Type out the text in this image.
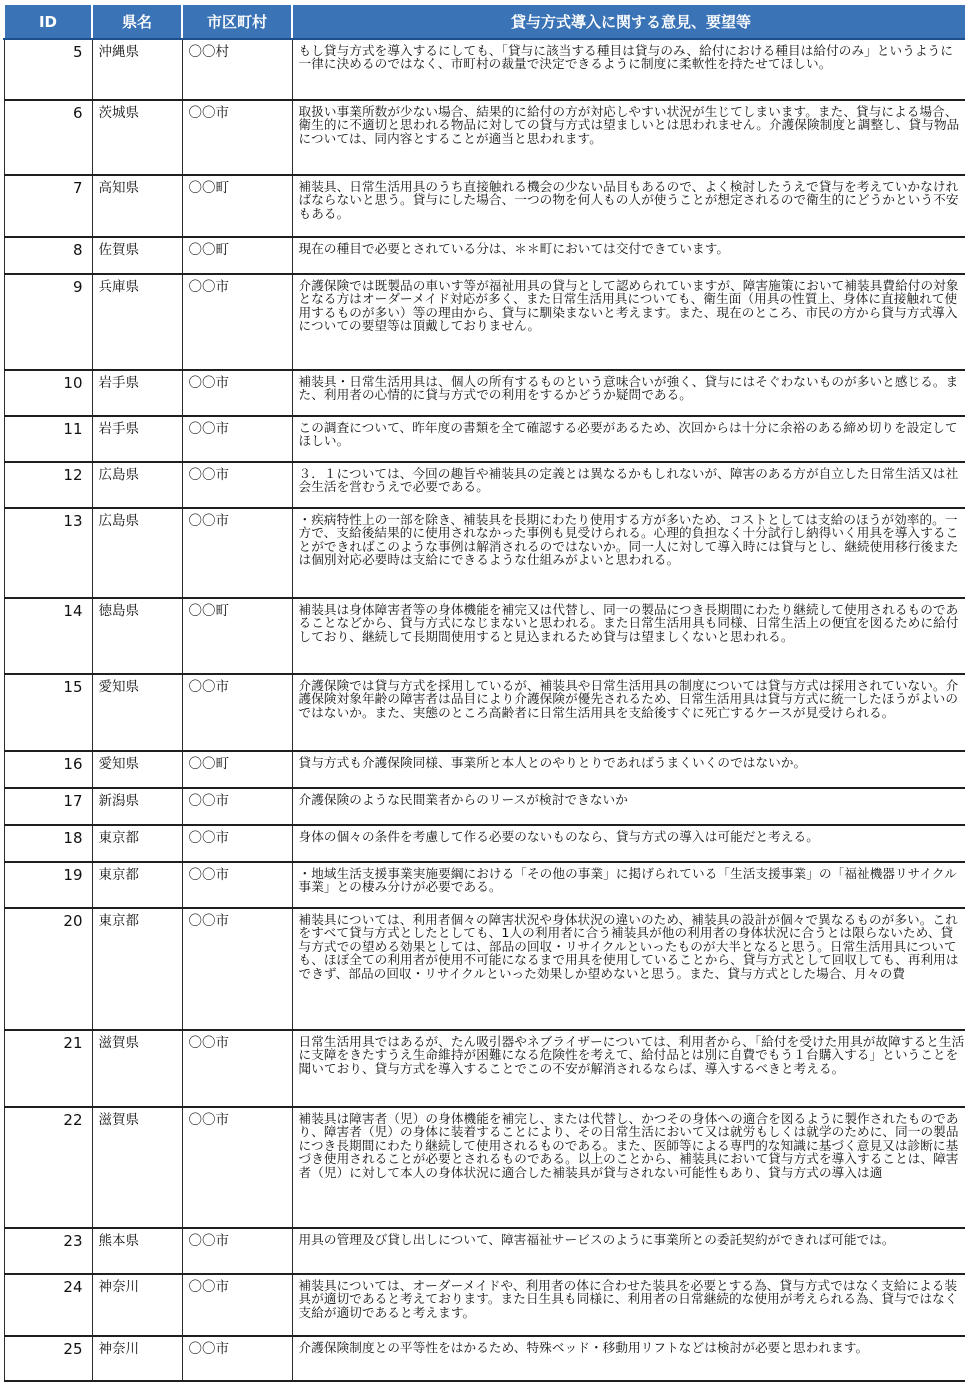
ID	県名	市区町村	貸与方式導入に関する意見、要望等
5	沖縄県	〇〇村	もし貸与方式を導入するにしても、「貸与に該当する種目は貸与のみ、給付における種目は給付のみ」というように一律に決めるのではなく、市町村の裁量で決定できるように制度に柔軟性を持たせてほしい。
6	茨城県	〇〇市	取扱い事業所数が少ない場合、結果的に給付の方が対応しやすい状況が生じてしまいます。また、貸与による場合、衛生的に不適切と思われる物品に対しての貸与方式は望ましいとは思われません。介護保険制度と調整し、貸与物品については、同内容とすることが適当と思われます。
7	高知県	〇〇町	補装具、日常生活用具のうち直接触れる機会の少ない品目もあるので、よく検討したうえで貸与を考えていかなければならないと思う。貸与にした場合、一つの物を何人もの人が使うことが想定されるので衛生的にどうかという不安もある。
8	佐賀県	〇〇町	現在の種目で必要とされている分は、＊＊町においては交付できています。
9	兵庫県	〇〇市	介護保険では既製品の車いす等が福祉用具の貸与として認められていますが、障害施策において補装具費給付の対象となる方はオーダーメイド対応が多く、また日常生活用具についても、衛生面（用具の性質上、身体に直接触れて使用するものが多い）等の理由から、貸与に馴染まないと考えます。また、現在のところ、市民の方から貸与方式導入についての要望等は頂戴しておりません。
10	岩手県	〇〇市	補装具・日常生活用具は、個人の所有するものという意味合いが強く、貸与にはそぐわないものが多いと感じる。また、利用者の心情的に貸与方式での利用をするかどうか疑問である。
11	岩手県	〇〇市	この調査について、昨年度の書類を全て確認する必要があるため、次回からは十分に余裕のある締め切りを設定してほしい。
12	広島県	〇〇市	３．１については、今回の趣旨や補装具の定義とは異なるかもしれないが、障害のある方が自立した日常生活又は社会生活を営むうえで必要である。
13	広島県	〇〇市	・疾病特性上の一部を除き、補装具を長期にわたり使用する方が多いため、コストとしては支給のほうが効率的。一方で、支給後結果的に使用されなかった事例も見受けられる。心理的負担なく十分試行し納得いく用具を導入することができればこのような事例は解消されるのではないか。同一人に対して導入時には貸与とし、継続使用移行後または個別対応必要時は支給にできるような仕組みがよいと思われる。
14	徳島県	〇〇町	補装具は身体障害者等の身体機能を補完又は代替し、同一の製品につき長期間にわたり継続して使用されるものであることなどから、貸与方式になじまないと思われる。また日常生活用具も同様、日常生活上の便宜を図るために給付しており、継続して長期間使用すると見込まれるため貸与は望ましくないと思われる。
15	愛知県	〇〇市	介護保険では貸与方式を採用しているが、補装具や日常生活用具の制度については貸与方式は採用されていない。介護保険対象年齢の障害者は品目により介護保険が優先されるため、日常生活用具は貸与方式に統一したほうがよいのではないか。また、実態のところ高齢者に日常生活用具を支給後すぐに死亡するケースが見受けられる。
16	愛知県	〇〇町	貸与方式も介護保険同様、事業所と本人とのやりとりであればうまくいくのではないか。
17	新潟県	〇〇市	介護保険のような民間業者からのリースが検討できないか
18	東京都	〇〇市	身体の個々の条件を考慮して作る必要のないものなら、貸与方式の導入は可能だと考える。
19	東京都	〇〇市	・地域生活支援事業実施要綱における「その他の事業」に掲げられている「生活支援事業」の「福祉機器リサイクル事業」との棲み分けが必要である。
20	東京都	〇〇市	補装具については、利用者個々の障害状況や身体状況の違いのため、補装具の設計が個々で異なるものが多い。これをすべて貸与方式としたとしても、1人の利用者に合う補装具が他の利用者の身体状況に合うとは限らないため、貸与方式での望める効果としては、部品の回収・リサイクルといったものが大半となると思う。日常生活用具についても、ほぼ全ての利用者が使用不可能になるまで用具を使用していることから、貸与方式として回収しても、再利用はできず、部品の回収・リサイクルといった効果しか望めないと思う。また、貸与方式とした場合、月々の費
21	滋賀県	〇〇市	日常生活用具ではあるが、たん吸引器やネブライザーについては、利用者から、「給付を受けた用具が故障すると生活に支障をきたすうえ生命維持が困難になる危険性を考えて、給付品とは別に自費でもう１台購入する」ということを聞いており、貸与方式を導入することでこの不安が解消されるならば、導入するべきと考える。
22	滋賀県	〇〇市	補装具は障害者（児）の身体機能を補完し、または代替し、かつその身体への適合を図るように製作されたものであり、障害者（児）の身体に装着することにより、その日常生活において又は就労もしくは就学のために、同一の製品につき長期間にわたり継続して使用されるものである。また、医師等による専門的な知識に基づく意見又は診断に基づき使用されることが必要とされるものである。以上のことから、補装具において貸与方式を導入することは、障害者（児）に対して本人の身体状況に適合した補装具が貸与されない可能性もあり、貸与方式の導入は適
23	熊本県	〇〇市	用具の管理及び貸し出しについて、障害福祉サービスのように事業所との委託契約ができれば可能では。
24	神奈川	〇〇市	補装具については、オーダーメイドや、利用者の体に合わせた装具を必要とする為、貸与方式ではなく支給による装具が適切であると考えております。また日生具も同様に、利用者の日常継続的な使用が考えられる為、貸与ではなく支給が適切であると考えます。
25	神奈川	〇〇市	介護保険制度との平等性をはかるため、特殊ベッド・移動用リフトなどは検討が必要と思われます。
